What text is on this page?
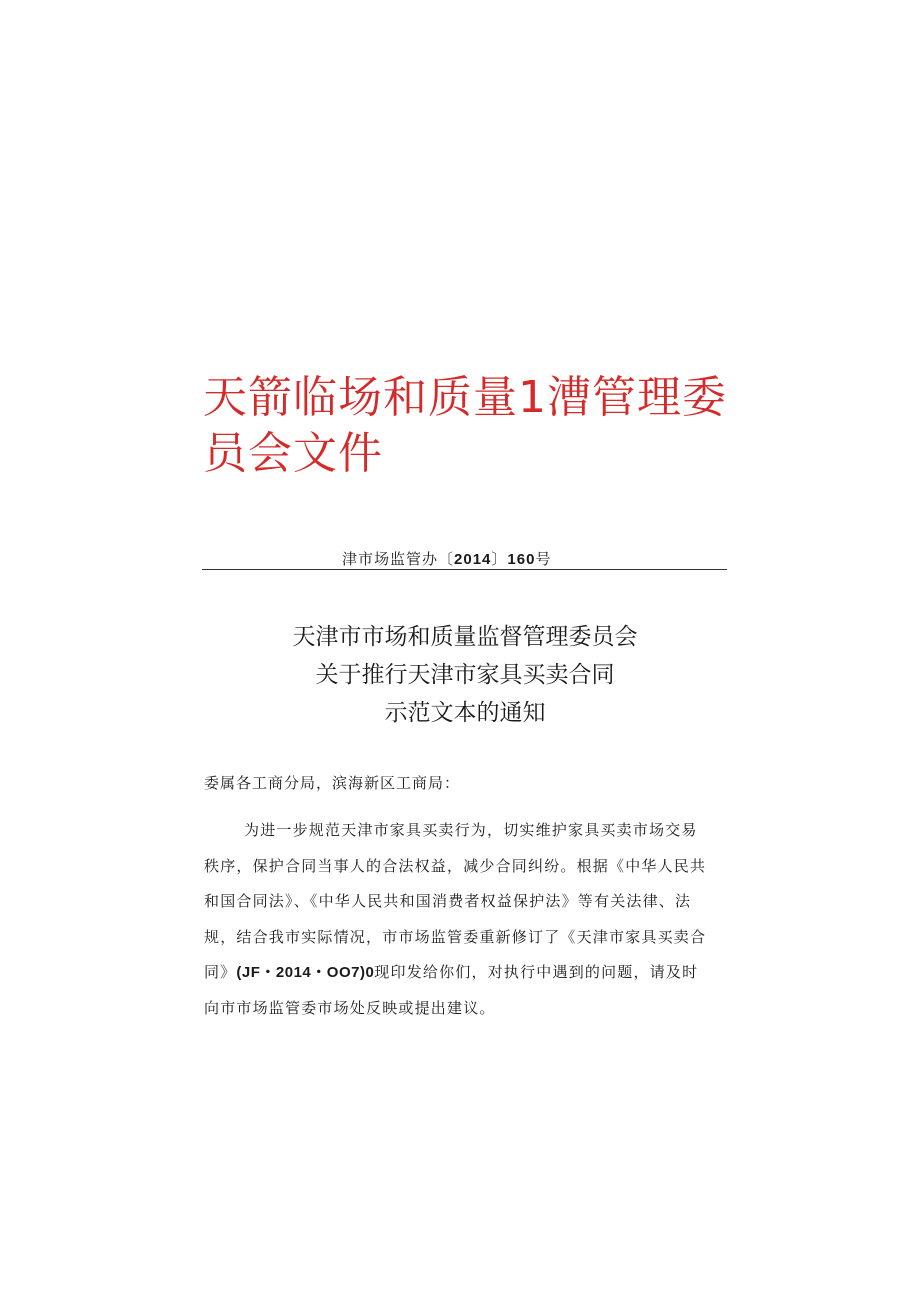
天箭临场和质量1漕管理委
员会文件
津市场监管办〔2014〕160号
天津市市场和质量监督管理委员会
关于推行天津市家具买卖合同
示范文本的通知
委属各工商分局，滨海新区工商局：
为进一步规范天津市家具买卖行为，切实维护家具买卖市场交易
秩序，保护合同当事人的合法权益，减少合同纠纷。根据《中华人民共
和国合同法》、《中华人民共和国消费者权益保护法》等有关法律、法
规，结合我市实际情况，市市场监管委重新修订了《天津市家具买卖合
同》(JF・2014・OO7)0现印发给你们，对执行中遇到的问题，请及时
向市市场监管委市场处反映或提出建议。
